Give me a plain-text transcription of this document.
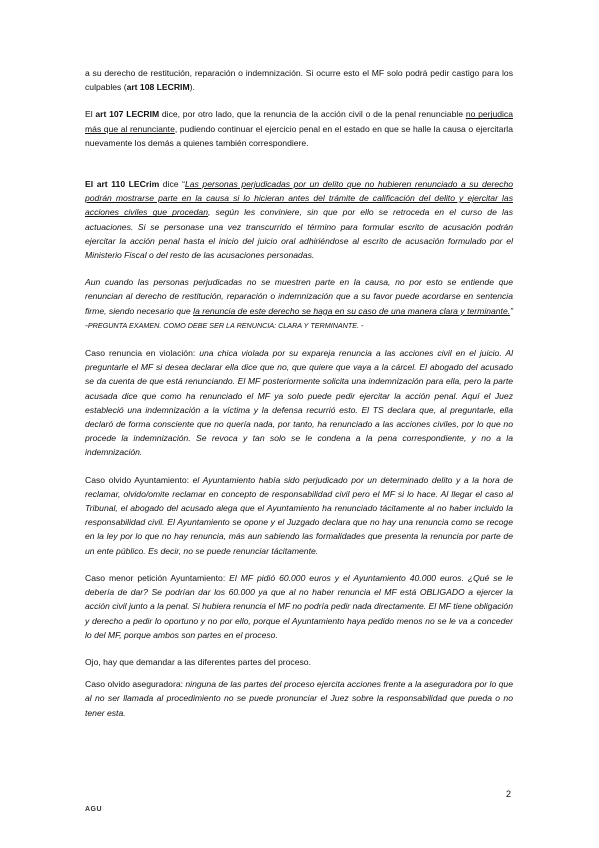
a su derecho de restitución, reparación o indemnización. Si ocurre esto el MF solo podrá pedir castigo para los culpables (art 108 LECRIM).

El art 107 LECRIM dice, por otro lado, que la renuncia de la acción civil o de la penal renunciable no perjudica más que al renunciante, pudiendo continuar el ejercicio penal en el estado en que se halle la causa o ejercitarla nuevamente los demás a quienes también correspondiere.

El art 110 LECrim dice “Las personas perjudicadas por un delito que no hubieren renunciado a su derecho podrán mostrarse parte en la causa si lo hicieran antes del trámite de calificación del delito y ejercitar las acciones civiles que procedan, según les conviniere, sin que por ello se retroceda en el curso de las actuaciones. Si se personase una vez transcurrido el término para formular escrito de acusación podrán ejercitar la acción penal hasta el inicio del juicio oral adhiriéndose al escrito de acusación formulado por el Ministerio Fiscal o del resto de las acusaciones personadas.

Aun cuando las personas perjudicadas no se muestren parte en la causa, no por esto se entiende que renuncian al derecho de restitución, reparación o indemnización que a su favor puede acordarse en sentencia firme, siendo necesario que la renuncia de este derecho se haga en su caso de una manera clara y terminante.” -PREGUNTA EXAMEN. COMO DEBE SER LA RENUNCIA: CLARA Y TERMINANTE. -

Caso renuncia en violación: una chica violada por su expareja renuncia a las acciones civil en el juicio. Al preguntarle el MF si desea declarar ella dice que no, que quiere que vaya a la cárcel. El abogado del acusado se da cuenta de que está renunciando. El MF posteriormente solicita una indemnización para ella, pero la parte acusada dice que como ha renunciado el MF ya solo puede pedir ejercitar la acción penal. Aquí el Juez estableció una indemnización a la víctima y la defensa recurrió esto. El TS declara que, al preguntarle, ella declaró de forma consciente que no quería nada, por tanto, ha renunciado a las acciones civiles, por lo que no procede la indemnización. Se revoca y tan solo se le condena a la pena correspondiente, y no a la indemnización.

Caso olvido Ayuntamiento: el Ayuntamiento había sido perjudicado por un determinado delito y a la hora de reclamar, olvido/omite reclamar en concepto de responsabilidad civil pero el MF si lo hace. Al llegar el caso al Tribunal, el abogado del acusado alega que el Ayuntamiento ha renunciado tácitamente al no haber incluido la responsabilidad civil. El Ayuntamiento se opone y el Juzgado declara que no hay una renuncia como se recoge en la ley por lo que no hay renuncia, más aun sabiendo las formalidades que presenta la renuncia por parte de un ente público. Es decir, no se puede renunciar tácitamente.

Caso menor petición Ayuntamiento: El MF pidió 60.000 euros y el Ayuntamiento 40.000 euros. ¿Qué se le debería de dar? Se podrían dar los 60.000 ya que al no haber renuncia el MF está OBLIGADO a ejercer la acción civil junto a la penal. Si hubiera renuncia el MF no podría pedir nada directamente. El MF tiene obligación y derecho a pedir lo oportuno y no por ello, porque el Ayuntamiento haya pedido menos no se le va a conceder lo del MF, porque ambos son partes en el proceso.

Ojo, hay que demandar a las diferentes partes del proceso.

Caso olvido aseguradora: ninguna de las partes del proceso ejercita acciones frente a la aseguradora por lo que al no ser llamada al procedimiento no se puede pronunciar el Juez sobre la responsabilidad que pueda o no tener esta.

2
AGU
